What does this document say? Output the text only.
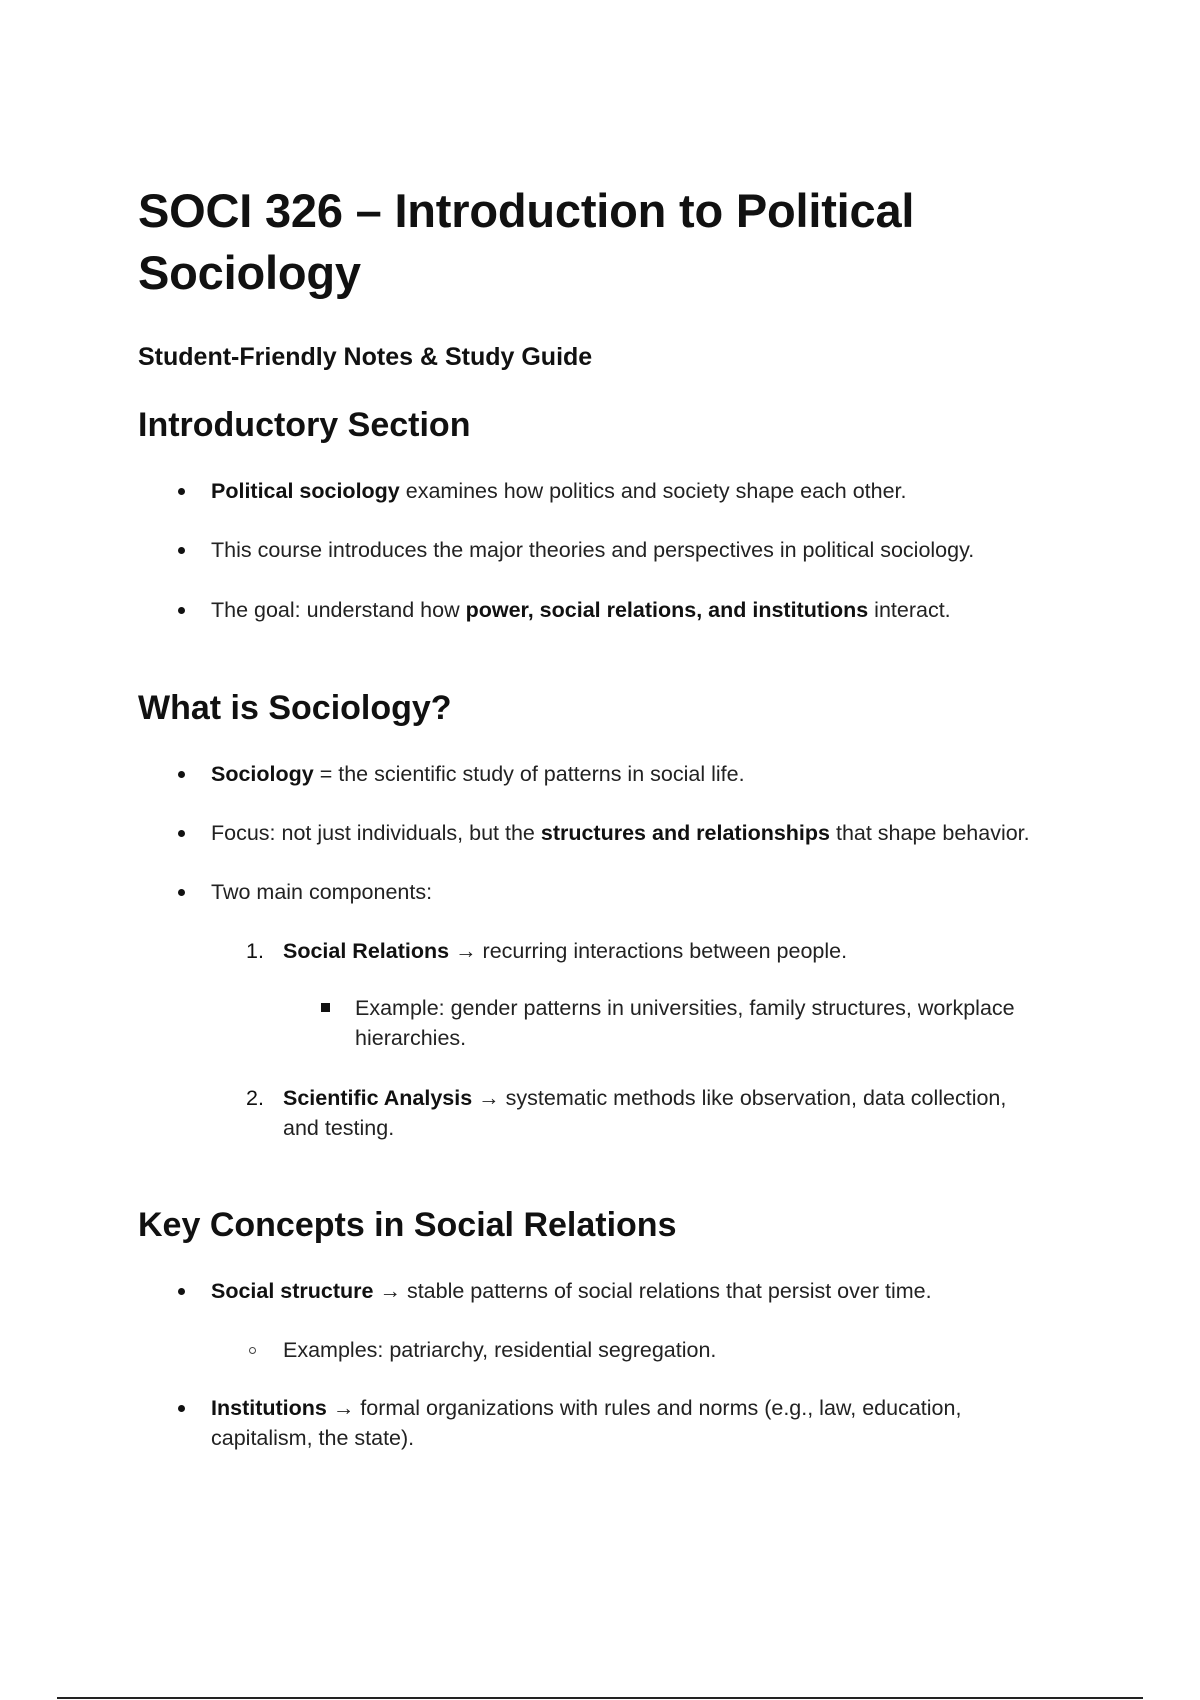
SOCI 326 – Introduction to Political Sociology
Student-Friendly Notes & Study Guide
Introductory Section
Political sociology examines how politics and society shape each other.
This course introduces the major theories and perspectives in political sociology.
The goal: understand how power, social relations, and institutions interact.
What is Sociology?
Sociology = the scientific study of patterns in social life.
Focus: not just individuals, but the structures and relationships that shape behavior.
Two main components:
1. Social Relations → recurring interactions between people.
Example: gender patterns in universities, family structures, workplace
hierarchies.
2. Scientific Analysis → systematic methods like observation, data collection,
and testing.
Key Concepts in Social Relations
Social structure → stable patterns of social relations that persist over time.
Examples: patriarchy, residential segregation.
Institutions → formal organizations with rules and norms (e.g., law, education,
capitalism, the state).
